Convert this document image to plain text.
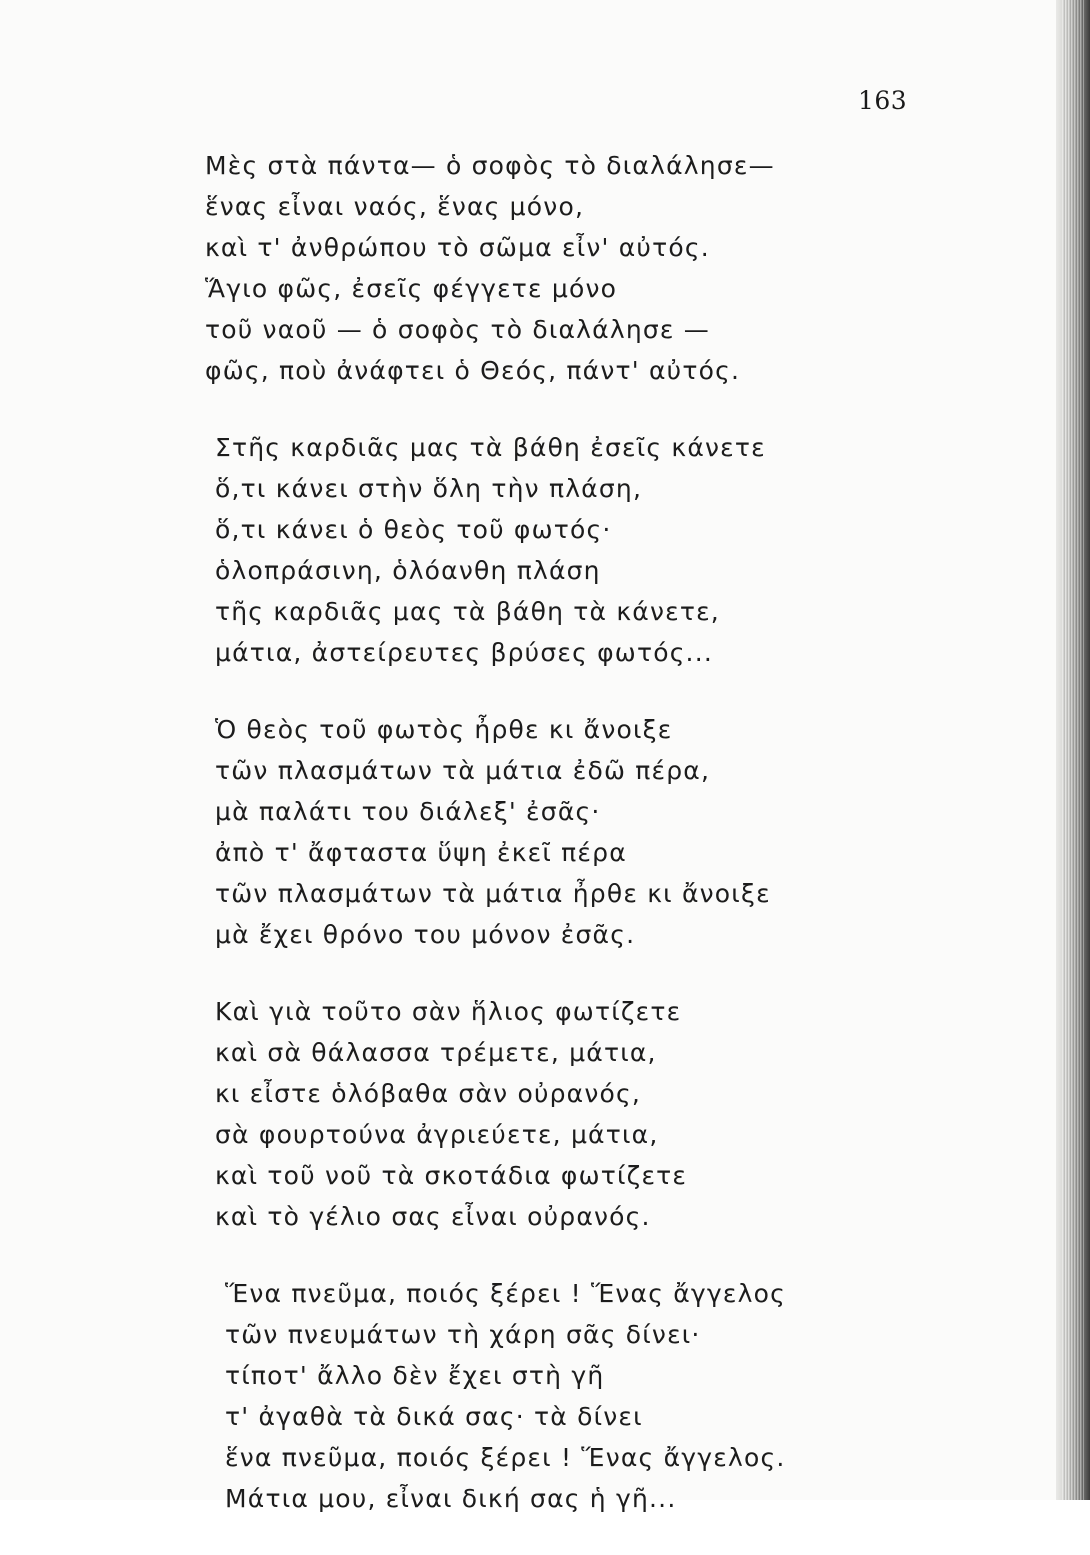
163
Μὲς στὰ πάντα— ὁ σοφὸς τὸ διαλάλησε—
ἕνας εἶναι ναός, ἕνας μόνο,
καὶ τ' ἀνθρώπου τὸ σῶμα εἶν' αὐτός.
Ἅγιο φῶς, ἐσεῖς φέγγετε μόνο
τοῦ ναοῦ — ὁ σοφὸς τὸ διαλάλησε —
φῶς, ποὺ ἀνάφτει ὁ Θεός, πάντ' αὐτός.
Στῆς καρδιᾶς μας τὰ βάθη ἐσεῖς κάνετε
ὅ,τι κάνει στὴν ὅλη τὴν πλάση,
ὅ,τι κάνει ὁ θεὸς τοῦ φωτός·
ὁλοπράσινη, ὁλόανθη πλάση
τῆς καρδιᾶς μας τὰ βάθη τὰ κάνετε,
μάτια, ἀστείρευτες βρύσες φωτός...
Ὁ θεὸς τοῦ φωτὸς ἦρθε κι ἄνοιξε
τῶν πλασμάτων τὰ μάτια ἐδῶ πέρα,
μὰ παλάτι του διάλεξ' ἐσᾶς·
ἀπὸ τ' ἄφταστα ὕψη ἐκεῖ πέρα
τῶν πλασμάτων τὰ μάτια ἦρθε κι ἄνοιξε
μὰ ἔχει θρόνο του μόνον ἐσᾶς.
Καὶ γιὰ τοῦτο σὰν ἥλιος φωτίζετε
καὶ σὰ θάλασσα τρέμετε, μάτια,
κι εἶστε ὁλόβαθα σὰν οὐρανός,
σὰ φουρτούνα ἀγριεύετε, μάτια,
καὶ τοῦ νοῦ τὰ σκοτάδια φωτίζετε
καὶ τὸ γέλιο σας εἶναι οὐρανός.
Ἕνα πνεῦμα, ποιός ξέρει ! Ἕνας ἄγγελος
τῶν πνευμάτων τὴ χάρη σᾶς δίνει·
τίποτ' ἄλλο δὲν ἔχει στὴ γῆ
τ' ἀγαθὰ τὰ δικά σας· τὰ δίνει
ἕνα πνεῦμα, ποιός ξέρει ! Ἕνας ἄγγελος.
Μάτια μου, εἶναι δική σας ἡ γῆ...
